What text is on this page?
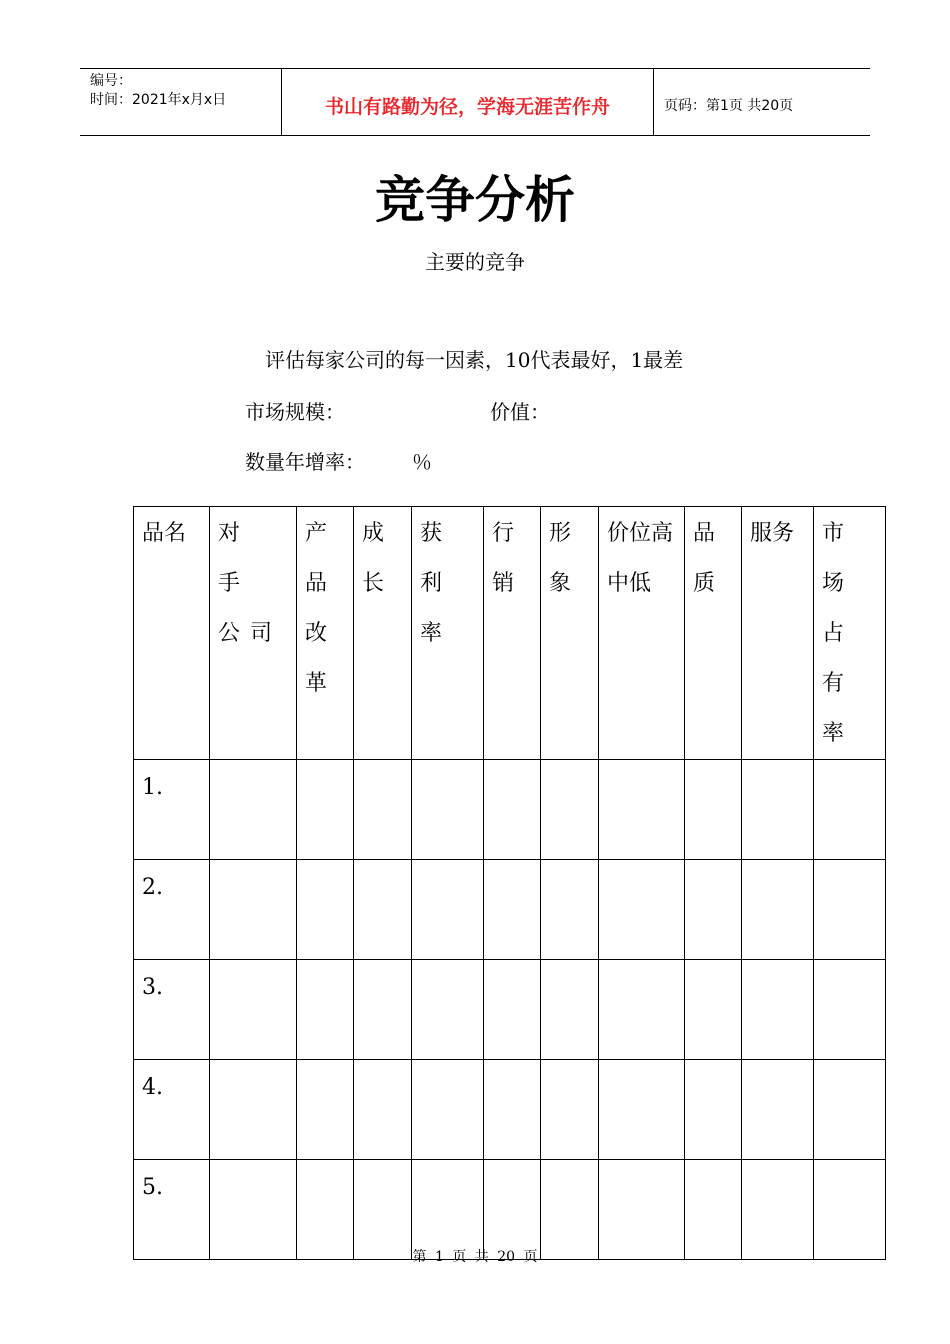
编号：
时间：2021年x月x日	书山有路勤为径，学海无涯苦作舟	页码：第1页 共20页
竞争分析
主要的竞争
评估每家公司的每一因素，10代表最好，1最差
市场规模：	价值：
数量年增率： ％
品名	对 手 公司	产品改革	成长	获利率	行销	形象	价位高中低	品质	服务	市场占有率
1.										
2.										
3.										
4.										
5.										
第 1 页 共 20 页
